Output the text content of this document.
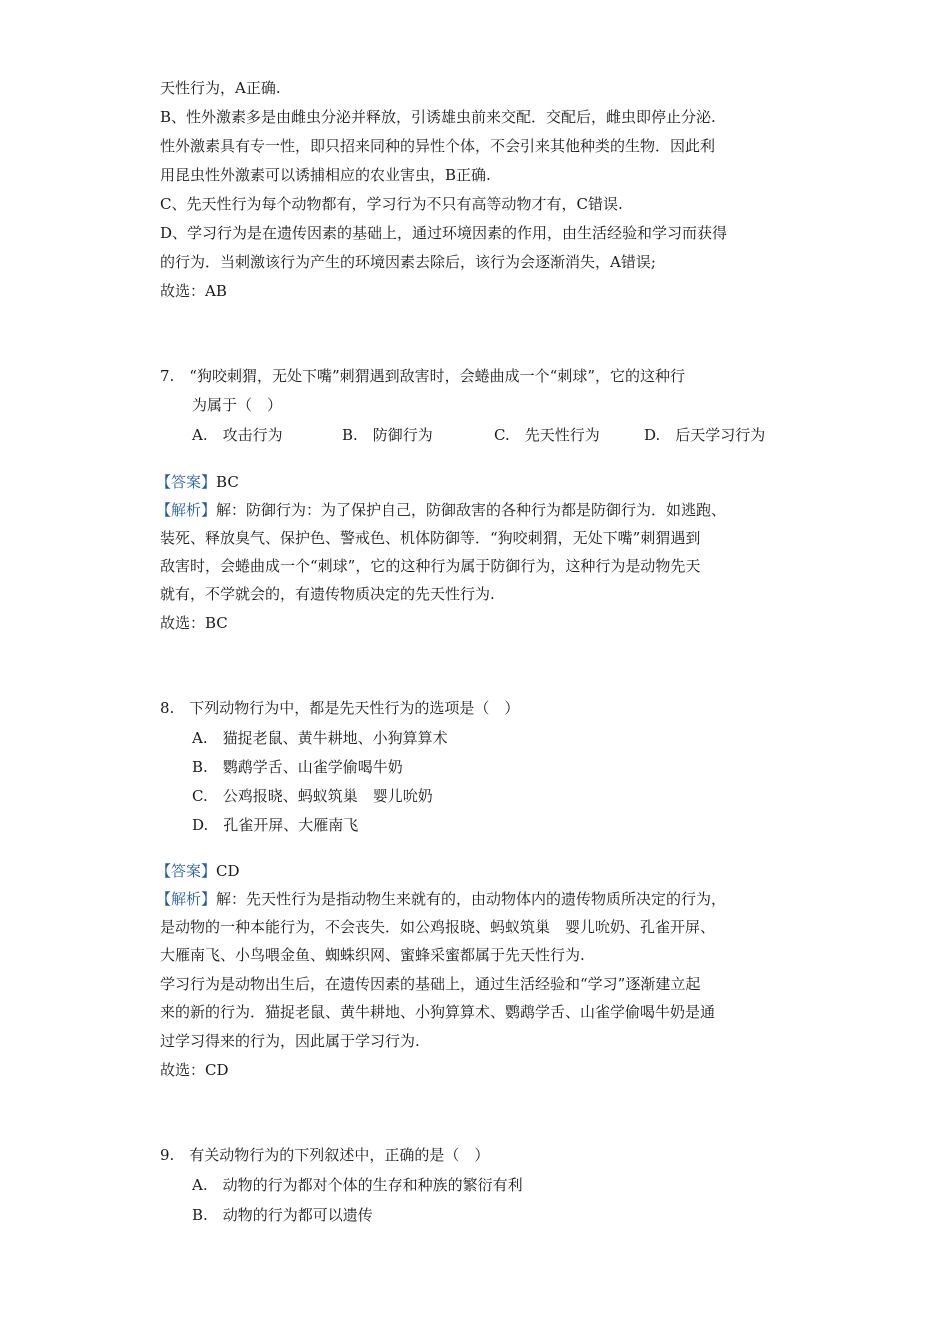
天性行为，A正确.
B、性外激素多是由雌虫分泌并释放，引诱雄虫前来交配．交配后，雌虫即停止分泌.
性外激素具有专一性，即只招来同种的异性个体，不会引来其他种类的生物．因此利
用昆虫性外激素可以诱捕相应的农业害虫，B正确.
C、先天性行为每个动物都有，学习行为不只有高等动物才有，C错误.
D、学习行为是在遗传因素的基础上，通过环境因素的作用，由生活经验和学习而获得
的行为．当刺激该行为产生的环境因素去除后，该行为会逐渐消失，A错误;
故选：AB
7.　“狗咬刺猬，无处下嘴”刺猬遇到敌害时，会蜷曲成一个“刺球”，它的这种行
为属于（　）
A.　攻击行为	B.　防御行为	C.　先天性行为	D.　后天学习行为
【答案】BC
【解析】解：防御行为：为了保护自己，防御敌害的各种行为都是防御行为．如逃跑、
装死、释放臭气、保护色、警戒色、机体防御等．“狗咬刺猬，无处下嘴”刺猬遇到
敌害时，会蜷曲成一个“刺球”，它的这种行为属于防御行为，这种行为是动物先天
就有，不学就会的，有遗传物质决定的先天性行为.
故选：BC
8.　下列动物行为中，都是先天性行为的选项是（　）
A.　猫捉老鼠、黄牛耕地、小狗算算术
B.　鹦鹉学舌、山雀学偷喝牛奶
C.　公鸡报晓、蚂蚁筑巢　婴儿吮奶
D.　孔雀开屏、大雁南飞
【答案】CD
【解析】解：先天性行为是指动物生来就有的，由动物体内的遗传物质所决定的行为，
是动物的一种本能行为，不会丧失．如公鸡报晓、蚂蚁筑巢　婴儿吮奶、孔雀开屏、
大雁南飞、小鸟喂金鱼、蜘蛛织网、蜜蜂采蜜都属于先天性行为.
学习行为是动物出生后，在遗传因素的基础上，通过生活经验和“学习”逐渐建立起
来的新的行为．猫捉老鼠、黄牛耕地、小狗算算术、鹦鹉学舌、山雀学偷喝牛奶是通
过学习得来的行为，因此属于学习行为.
故选：CD
9.　有关动物行为的下列叙述中，正确的是（　）
A.　动物的行为都对个体的生存和种族的繁衍有利
B.　动物的行为都可以遗传
